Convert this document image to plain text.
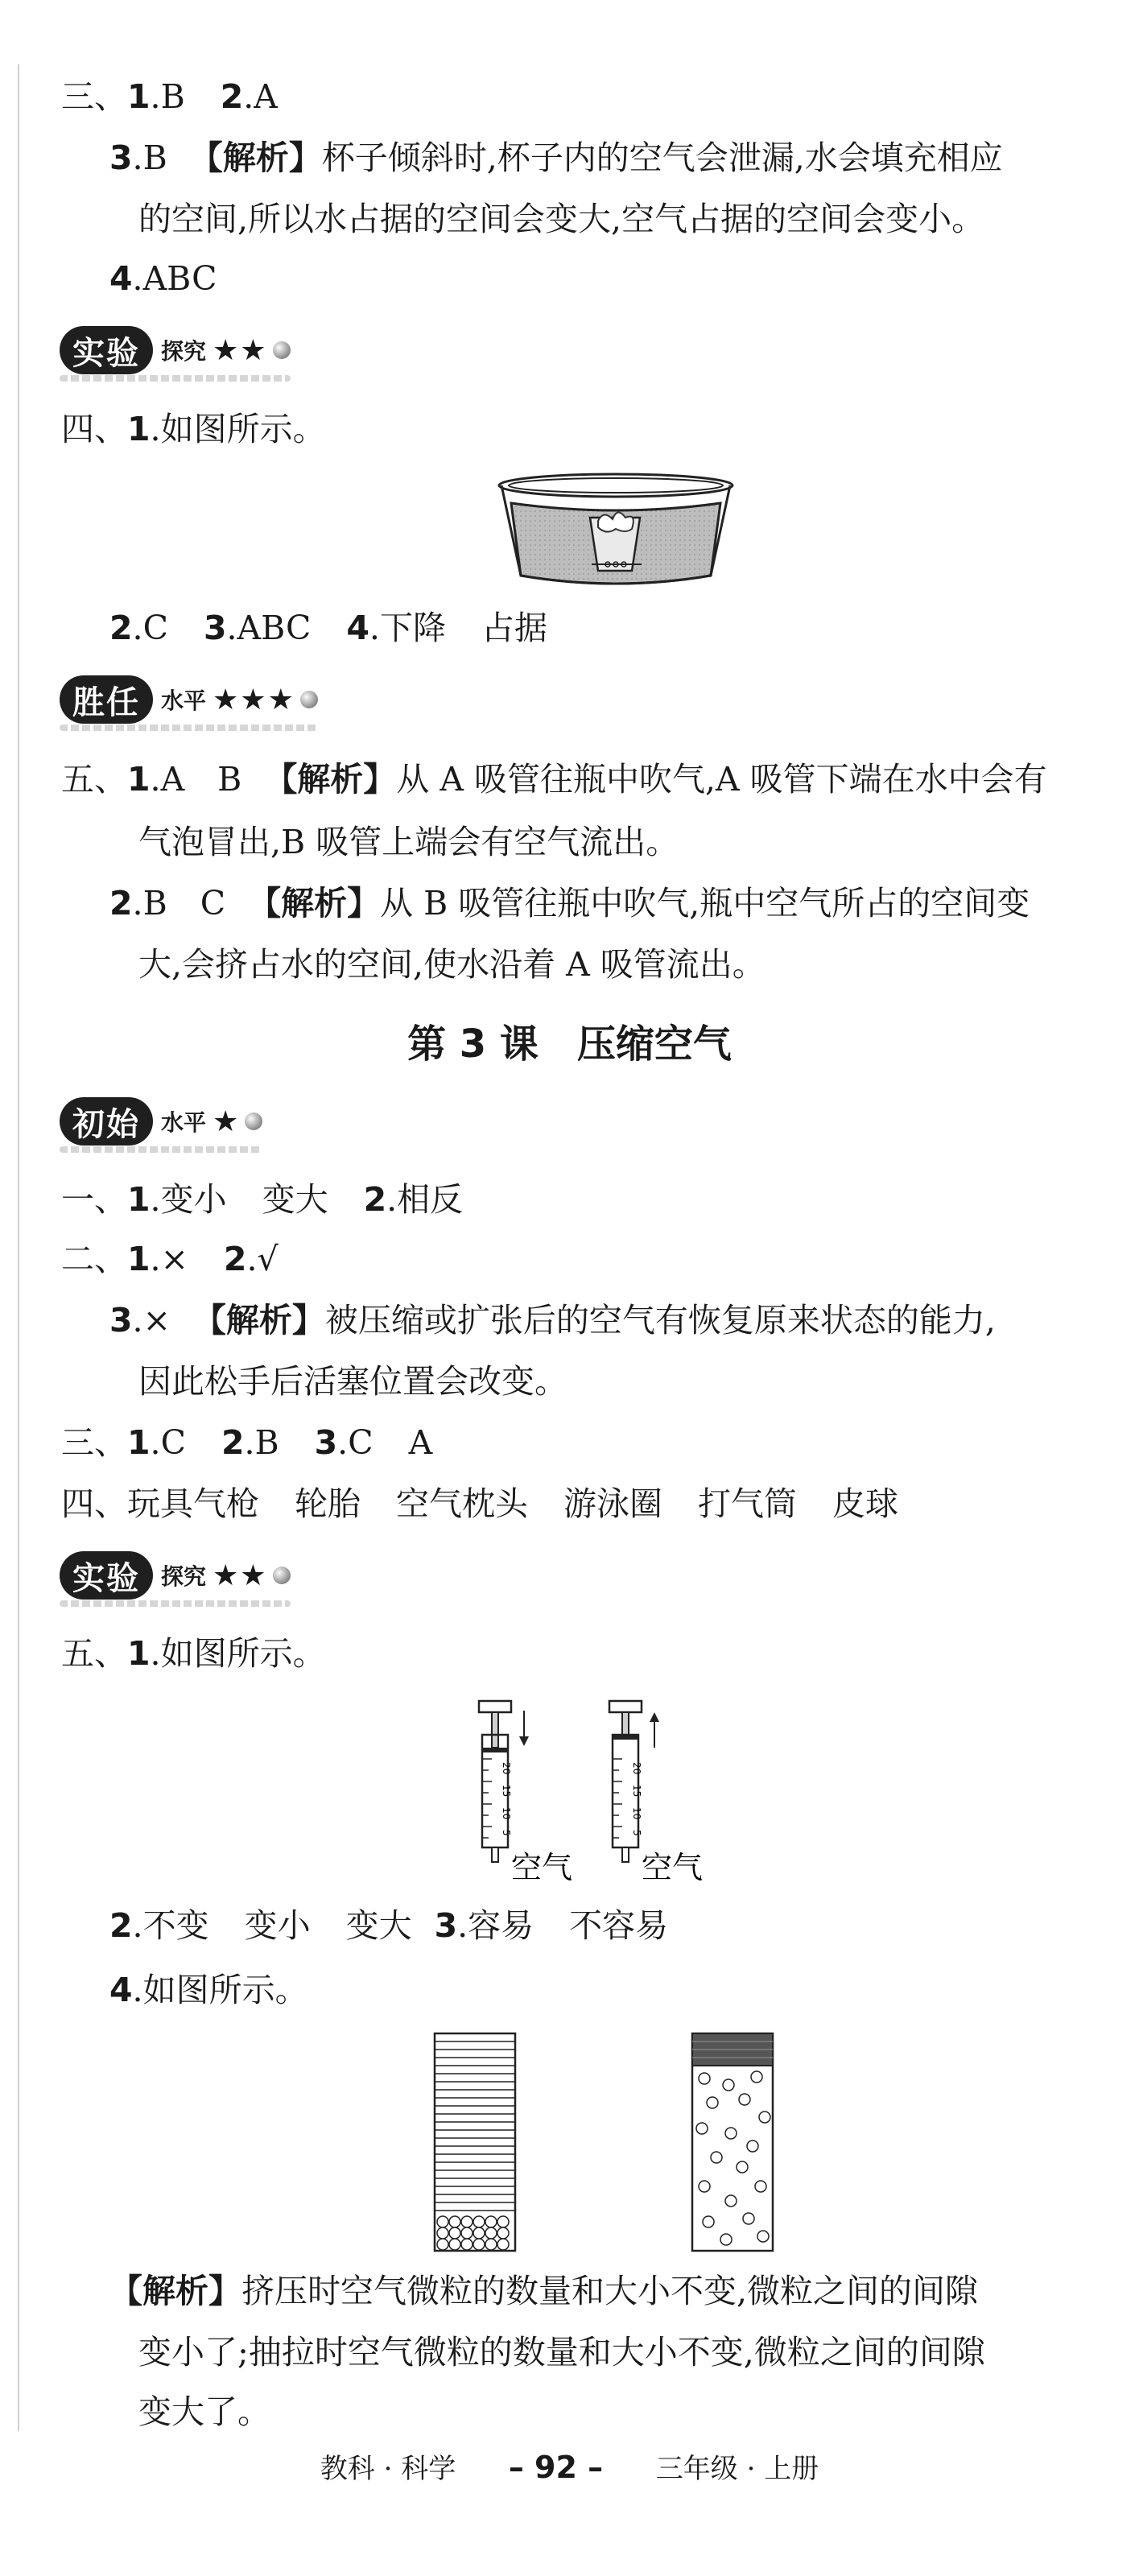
三、1.B 2.A
3.B 【解析】杯子倾斜时,杯子内的空气会泄漏,水会填充相应
的空间,所以水占据的空间会变大,空气占据的空间会变小。
4.ABC
实验 探究 ★★
四、1.如图所示。
2.C 3.ABC 4.下降 占据
胜任 水平 ★★★
五、1.A　B 【解析】从 A 吸管往瓶中吹气,A 吸管下端在水中会有
气泡冒出,B 吸管上端会有空气流出。
2.B　C 【解析】从 B 吸管往瓶中吹气,瓶中空气所占的空间变
大,会挤占水的空间,使水沿着 A 吸管流出。
第 3 课　压缩空气
初始 水平 ★
一、1.变小 变大 2.相反
二、1.× 2.√
3.× 【解析】被压缩或扩张后的空气有恢复原来状态的能力,
因此松手后活塞位置会改变。
三、1.C 2.B 3.C A
四、玩具气枪 轮胎 空气枕头 游泳圈 打气筒 皮球
实验 探究 ★★
五、1.如图所示。
20
15
10
5
空气
20
15
10
5
空气
2.不变 变小 变大 3.容易 不容易
4.如图所示。
【解析】挤压时空气微粒的数量和大小不变,微粒之间的间隙
变小了;抽拉时空气微粒的数量和大小不变,微粒之间的间隙
变大了。
教科 · 科学 – 92 – 三年级 · 上册
